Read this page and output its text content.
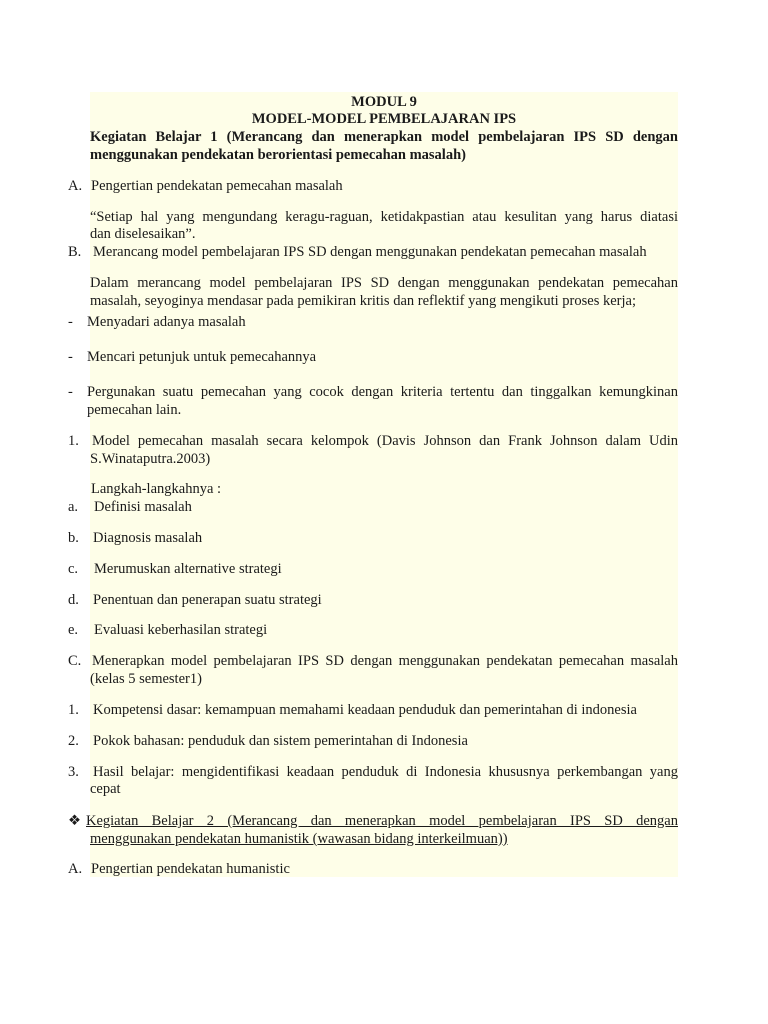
MODUL 9
MODEL-MODEL PEMBELAJARAN IPS
Kegiatan Belajar 1 (Merancang dan menerapkan model pembelajaran IPS SD dengan
menggunakan pendekatan berorientasi pemecahan masalah)
A. Pengertian pendekatan pemecahan masalah
“Setiap hal yang mengundang keragu-raguan, ketidakpastian atau kesulitan yang harus diatasi
dan diselesaikan”.
B. Merancang model pembelajaran IPS SD dengan menggunakan pendekatan pemecahan masalah
Dalam merancang model pembelajaran IPS SD dengan menggunakan pendekatan pemecahan
masalah, seyoginya mendasar pada pemikiran kritis dan reflektif yang mengikuti proses kerja;
- Menyadari adanya masalah
- Mencari petunjuk untuk pemecahannya
- Pergunakan suatu pemecahan yang cocok dengan kriteria tertentu dan tinggalkan kemungkinan
pemecahan lain.
1. Model pemecahan masalah secara kelompok (Davis Johnson dan Frank Johnson dalam Udin
S.Winataputra.2003)
Langkah-langkahnya :
a. Definisi masalah
b. Diagnosis masalah
c. Merumuskan alternative strategi
d. Penentuan dan penerapan suatu strategi
e. Evaluasi keberhasilan strategi
C. Menerapkan model pembelajaran IPS SD dengan menggunakan pendekatan pemecahan masalah
(kelas 5 semester1)
1. Kompetensi dasar: kemampuan memahami keadaan penduduk dan pemerintahan di indonesia
2. Pokok bahasan: penduduk dan sistem pemerintahan di Indonesia
3. Hasil belajar: mengidentifikasi keadaan penduduk di Indonesia khususnya perkembangan yang
cepat
❖ Kegiatan Belajar 2 (Merancang dan menerapkan model pembelajaran IPS SD dengan
menggunakan pendekatan humanistik (wawasan bidang interkeilmuan))
A. Pengertian pendekatan humanistic
